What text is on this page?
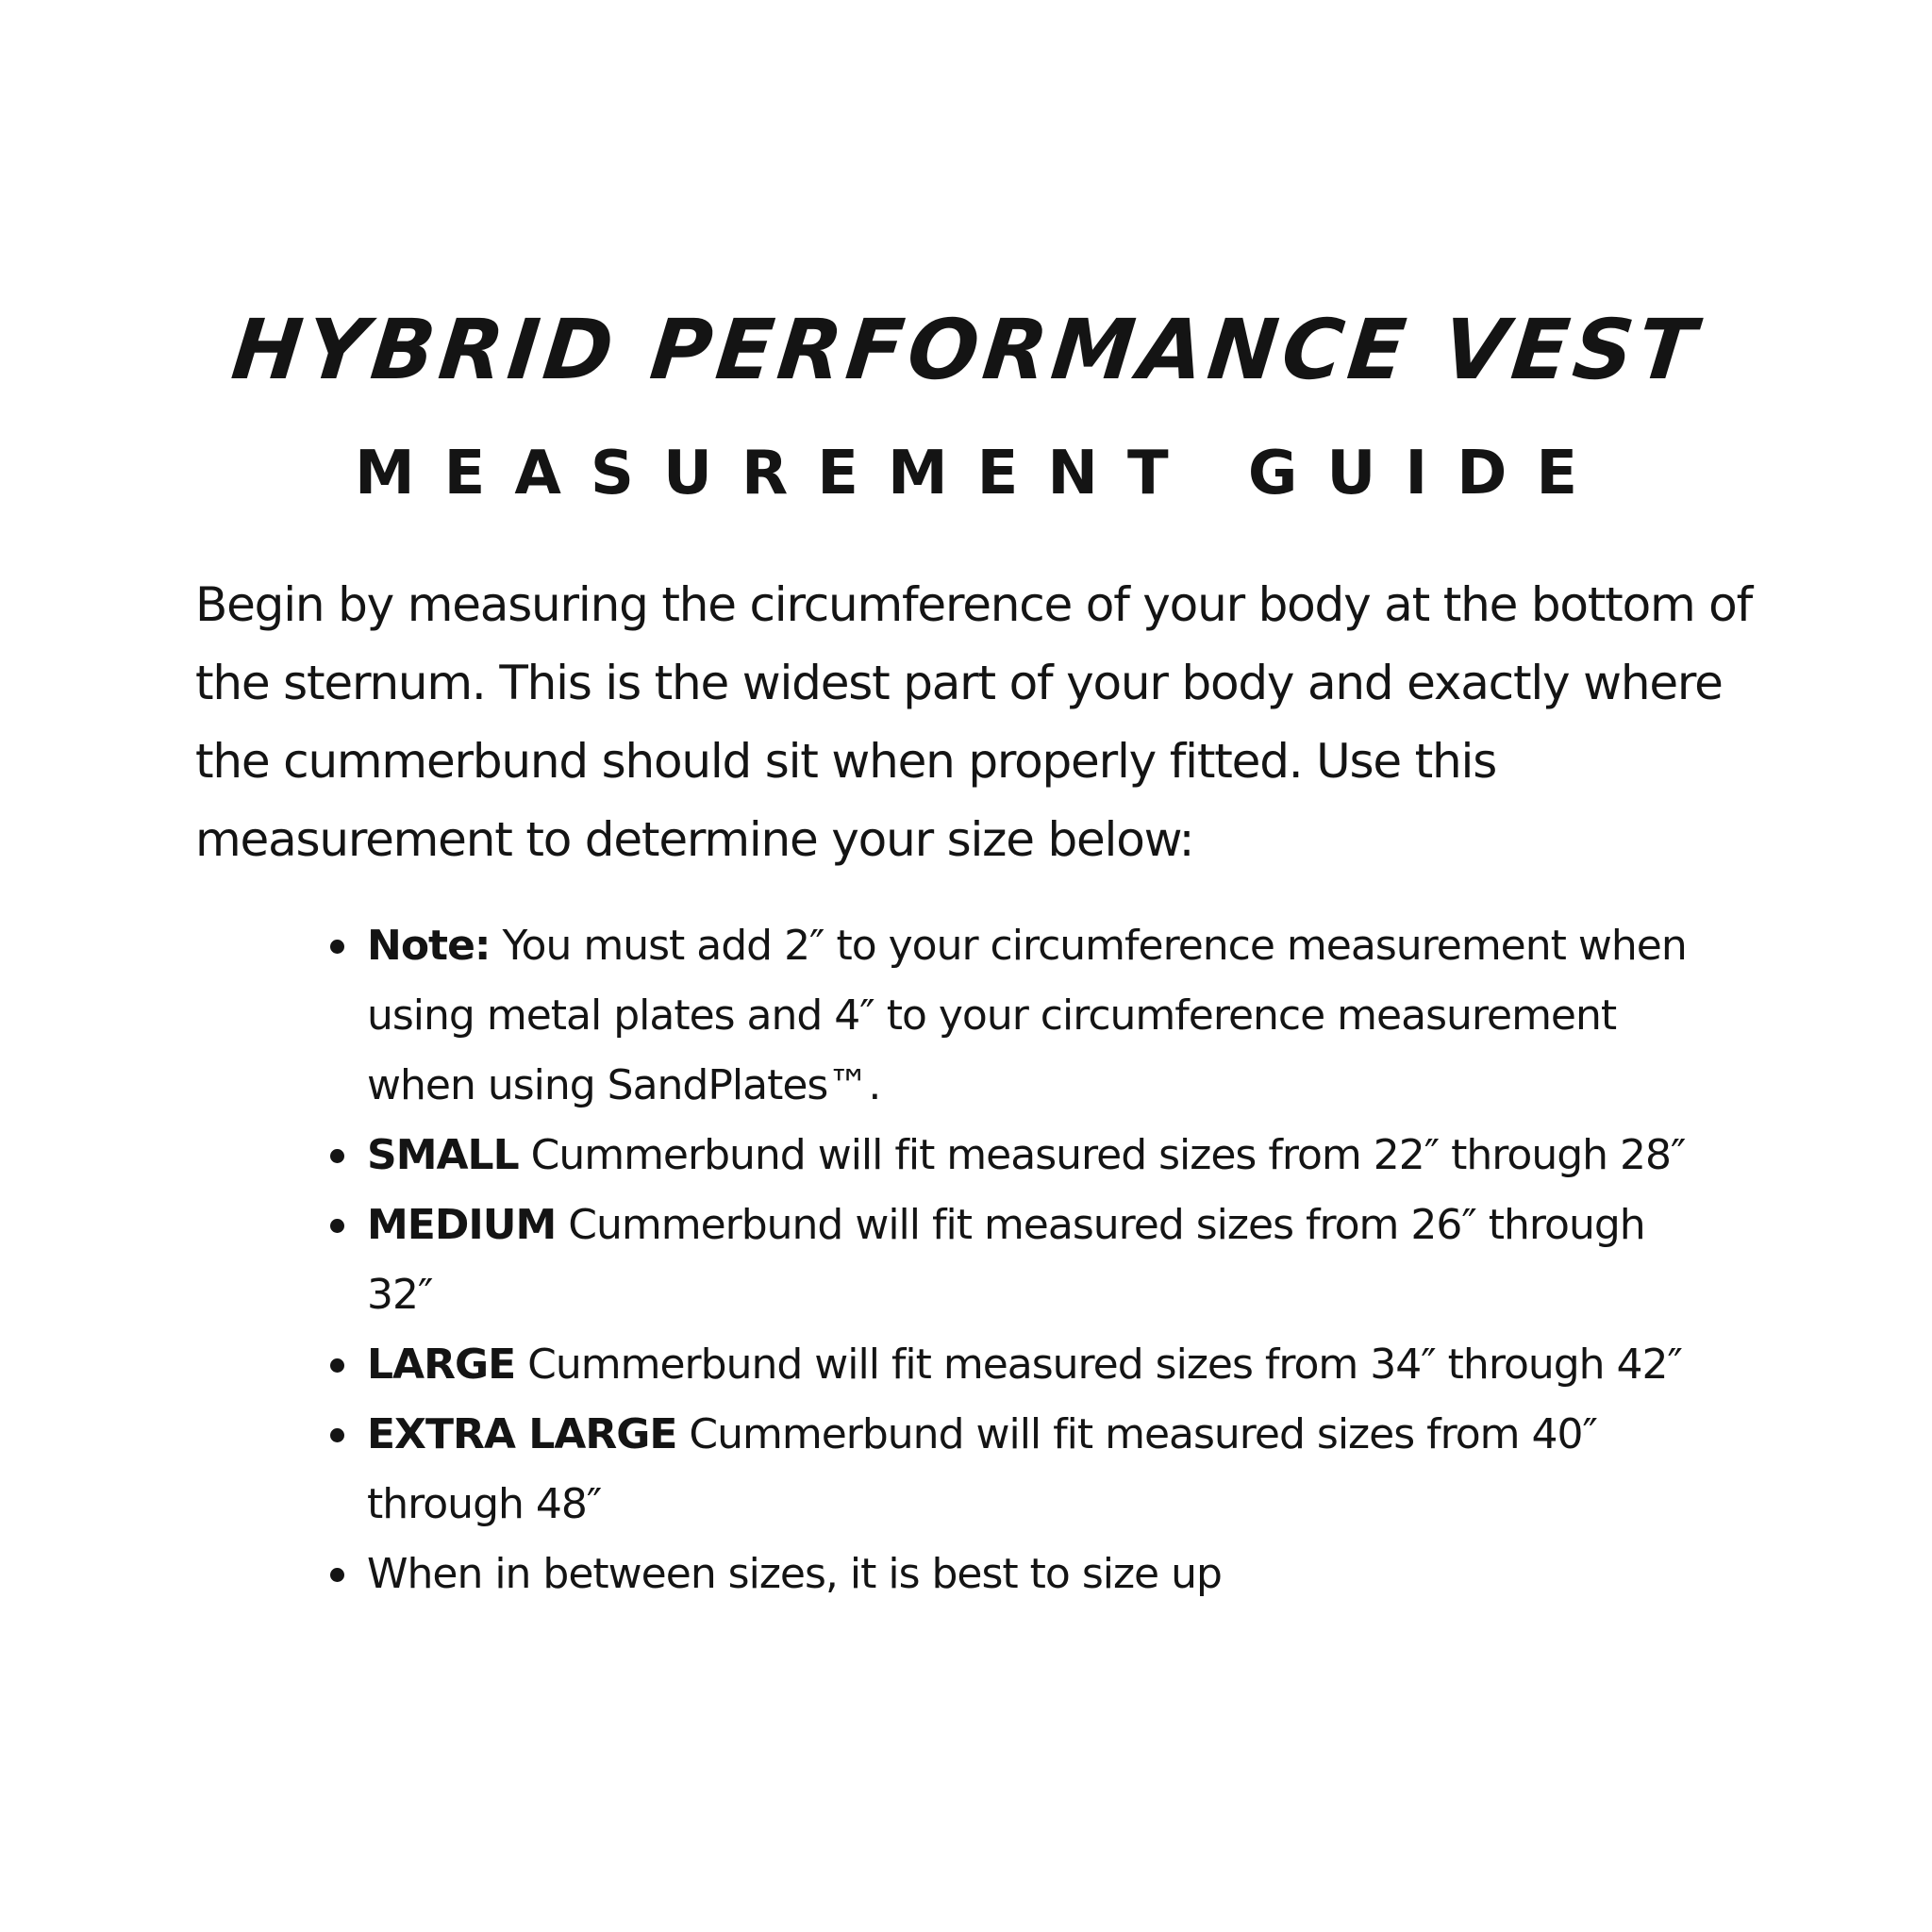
HYBRID PERFORMANCE VEST
MEASUREMENT GUIDE

Begin by measuring the circumference of your body at the bottom of the sternum. This is the widest part of your body and exactly where the cummerbund should sit when properly fitted. Use this measurement to determine your size below:

Note: You must add 2″ to your circumference measurement when using metal plates and 4″ to your circumference measurement when using SandPlates™.
SMALL Cummerbund will fit measured sizes from 22″ through 28″
MEDIUM Cummerbund will fit measured sizes from 26″ through 32″
LARGE Cummerbund will fit measured sizes from 34″ through 42″
EXTRA LARGE Cummerbund will fit measured sizes from 40″ through 48″
When in between sizes, it is best to size up
